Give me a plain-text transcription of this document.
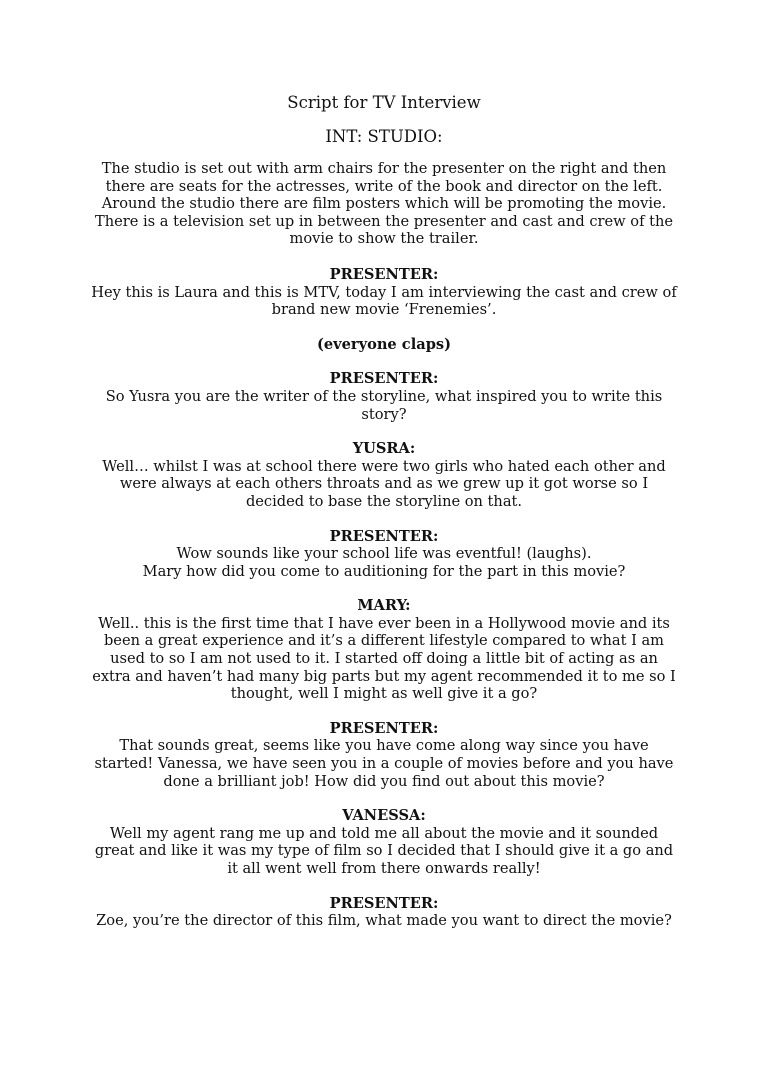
Script for TV Interview
INT: STUDIO:
The studio is set out with arm chairs for the presenter on the right and then there are seats for the actresses, write of the book and director on the left. Around the studio there are film posters which will be promoting the movie. There is a television set up in between the presenter and cast and crew of the movie to show the trailer.
PRESENTER:
Hey this is Laura and this is MTV, today I am interviewing the cast and crew of brand new movie ‘Frenemies’.
(everyone claps)
PRESENTER:
So Yusra you are the writer of the storyline, what inspired you to write this story?
YUSRA:
Well… whilst I was at school there were two girls who hated each other and were always at each others throats and as we grew up it got worse so I decided to base the storyline on that.
PRESENTER:
Wow sounds like your school life was eventful! (laughs).
Mary how did you come to auditioning for the part in this movie?
MARY:
Well.. this is the first time that I have ever been in a Hollywood movie and its been a great experience and it’s a different lifestyle compared to what I am used to so I am not used to it. I started off doing a little bit of acting as an extra and haven’t had many big parts but my agent recommended it to me so I thought, well I might as well give it a go?
PRESENTER:
That sounds great, seems like you have come along way since you have started! Vanessa, we have seen you in a couple of movies before and you have done a brilliant job! How did you find out about this movie?
VANESSA:
Well my agent rang me up and told me all about the movie and it sounded great and like it was my type of film so I decided that I should give it a go and it all went well from there onwards really!
PRESENTER:
Zoe, you’re the director of this film, what made you want to direct the movie?
